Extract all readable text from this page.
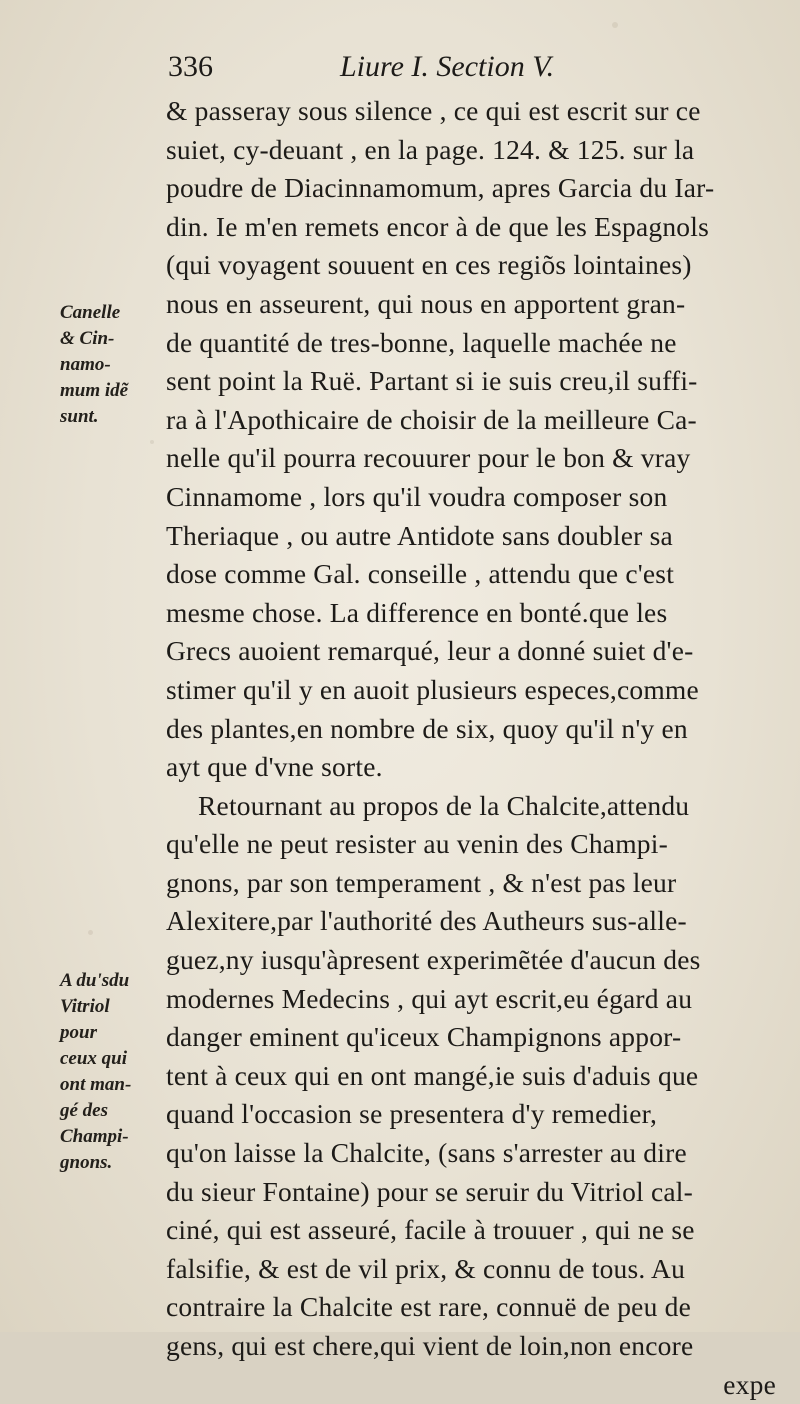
336	Liure I. Section V.
Canelle
& Cin-
namo-
mum idẽ
sunt.
A du'sdu
Vitriol
pour
ceux qui
ont man-
gé des
Champi-
gnons.
& passeray sous silence , ce qui est escrit sur ce
suiet, cy-deuant , en la page. 124. & 125. sur la
poudre de Diacinnamomum, apres Garcia du Iar-
din. Ie m'en remets encor à de que les Espagnols
(qui voyagent souuent en ces regiõs lointaines)
nous en asseurent, qui nous en apportent gran-
de quantité de tres-bonne, laquelle machée ne
sent point la Ruë. Partant si ie suis creu,il suffi-
ra à l'Apothicaire de choisir de la meilleure Ca-
nelle qu'il pourra recouurer pour le bon & vray
Cinnamome , lors qu'il voudra composer son
Theriaque , ou autre Antidote sans doubler sa
dose comme Gal. conseille , attendu que c'est
mesme chose. La difference en bonté.que les
Grecs auoient remarqué, leur a donné suiet d'e-
stimer qu'il y en auoit plusieurs especes,comme
des plantes,en nombre de six, quoy qu'il n'y en
ayt que d'vne sorte.
Retournant au propos de la Chalcite,attendu
qu'elle ne peut resister au venin des Champi-
gnons, par son temperament , & n'est pas leur
Alexitere,par l'authorité des Autheurs sus-alle-
guez,ny iusqu'àpresent experimẽtée d'aucun des
modernes Medecins , qui ayt escrit,eu égard au
danger eminent qu'iceux Champignons appor-
tent à ceux qui en ont mangé,ie suis d'aduis que
quand l'occasion se presentera d'y remedier,
qu'on laisse la Chalcite, (sans s'arrester au dire
du sieur Fontaine) pour se seruir du Vitriol cal-
ciné, qui est asseuré, facile à trouuer , qui ne se
falsifie, & est de vil prix, & connu de tous. Au
contraire la Chalcite est rare, connuë de peu de
gens, qui est chere,qui vient de loin,non encore
expe
